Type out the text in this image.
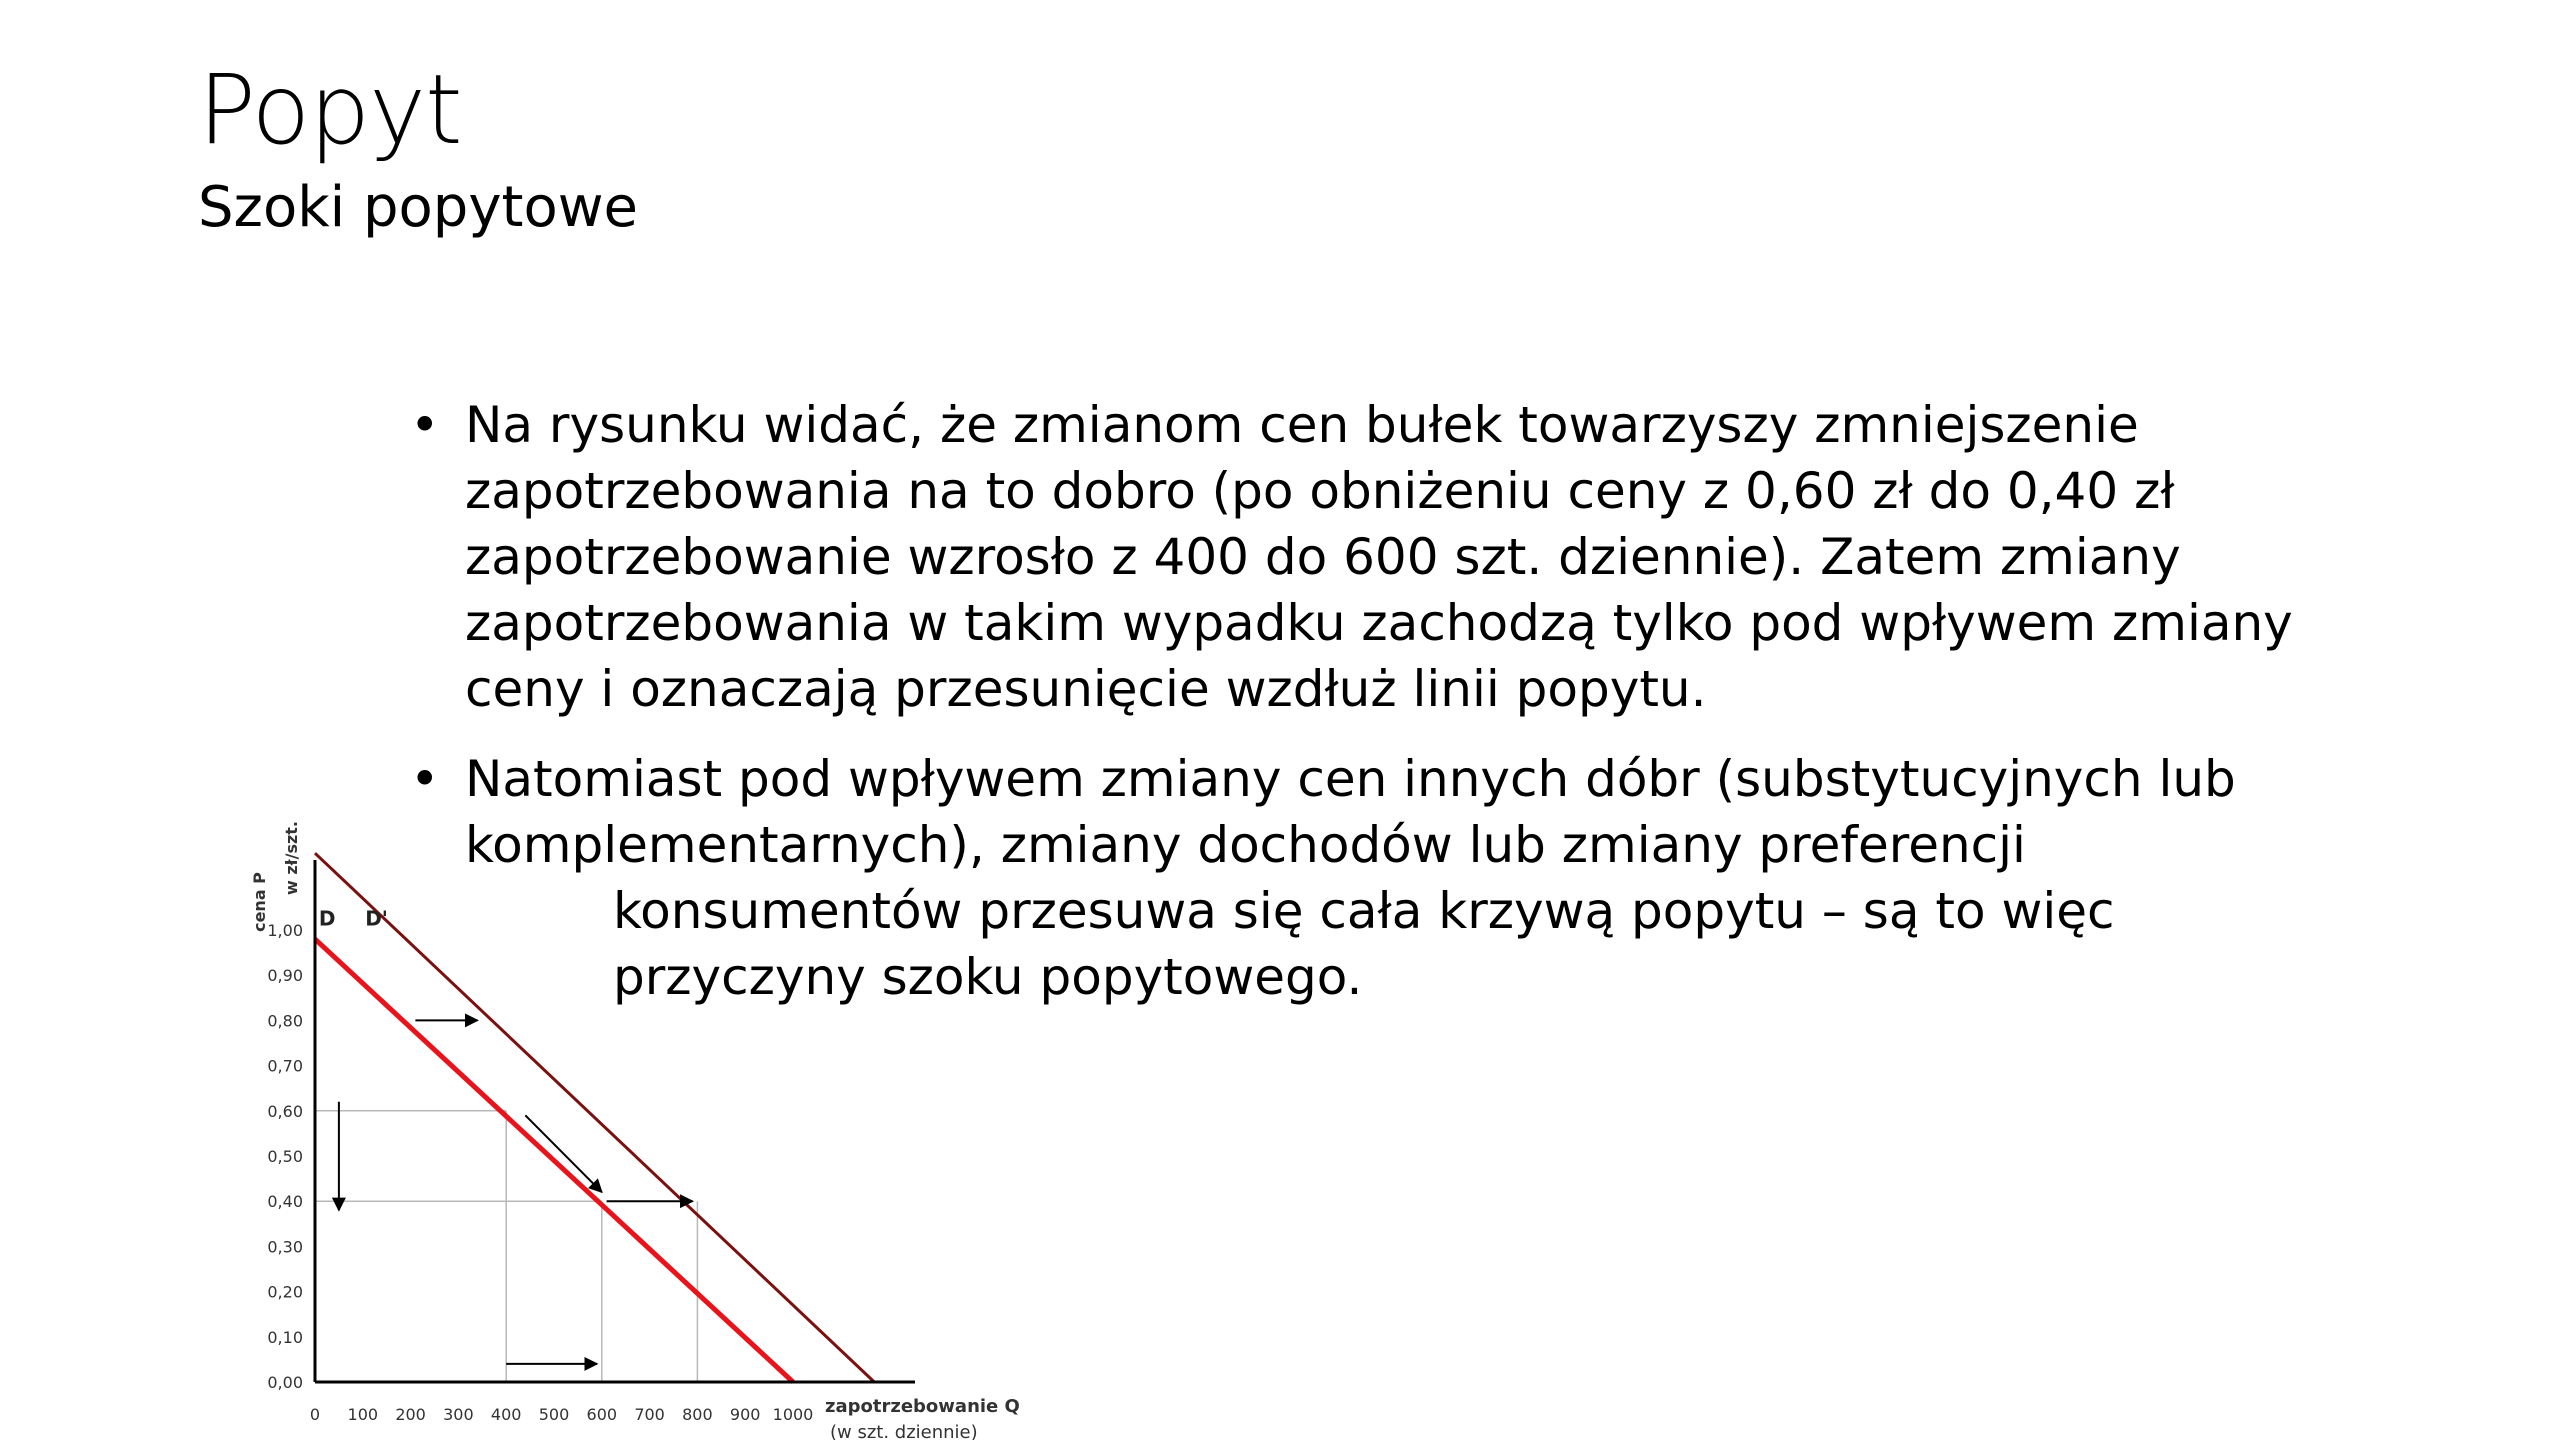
Popyt
Szoki popytowe
• Na rysunku widać, że zmianom cen bułek towarzyszy zmniejszenie
zapotrzebowania na to dobro (po obniżeniu ceny z 0,60 zł do 0,40 zł
zapotrzebowanie wzrosło z 400 do 600 szt. dziennie). Zatem zmiany
zapotrzebowania w takim wypadku zachodzą tylko pod wpływem zmiany
ceny i oznaczają przesunięcie wzdłuż linii popytu.
• Natomiast pod wpływem zmiany cen innych dóbr (substytucyjnych lub
komplementarnych), zmiany dochodów lub zmiany preferencji
konsumentów przesuwa się cała krzywą popytu – są to więc
przyczyny szoku popytowego.
D D'
1,00
0,90
0,80
0,70
0,60
0,50
0,40
0,30
0,20
0,10
0,00
0 100 200 300 400 500 600 700 800 900 1000
cena P
w zł/szt.
zapotrzebowanie Q
(w szt. dziennie)
